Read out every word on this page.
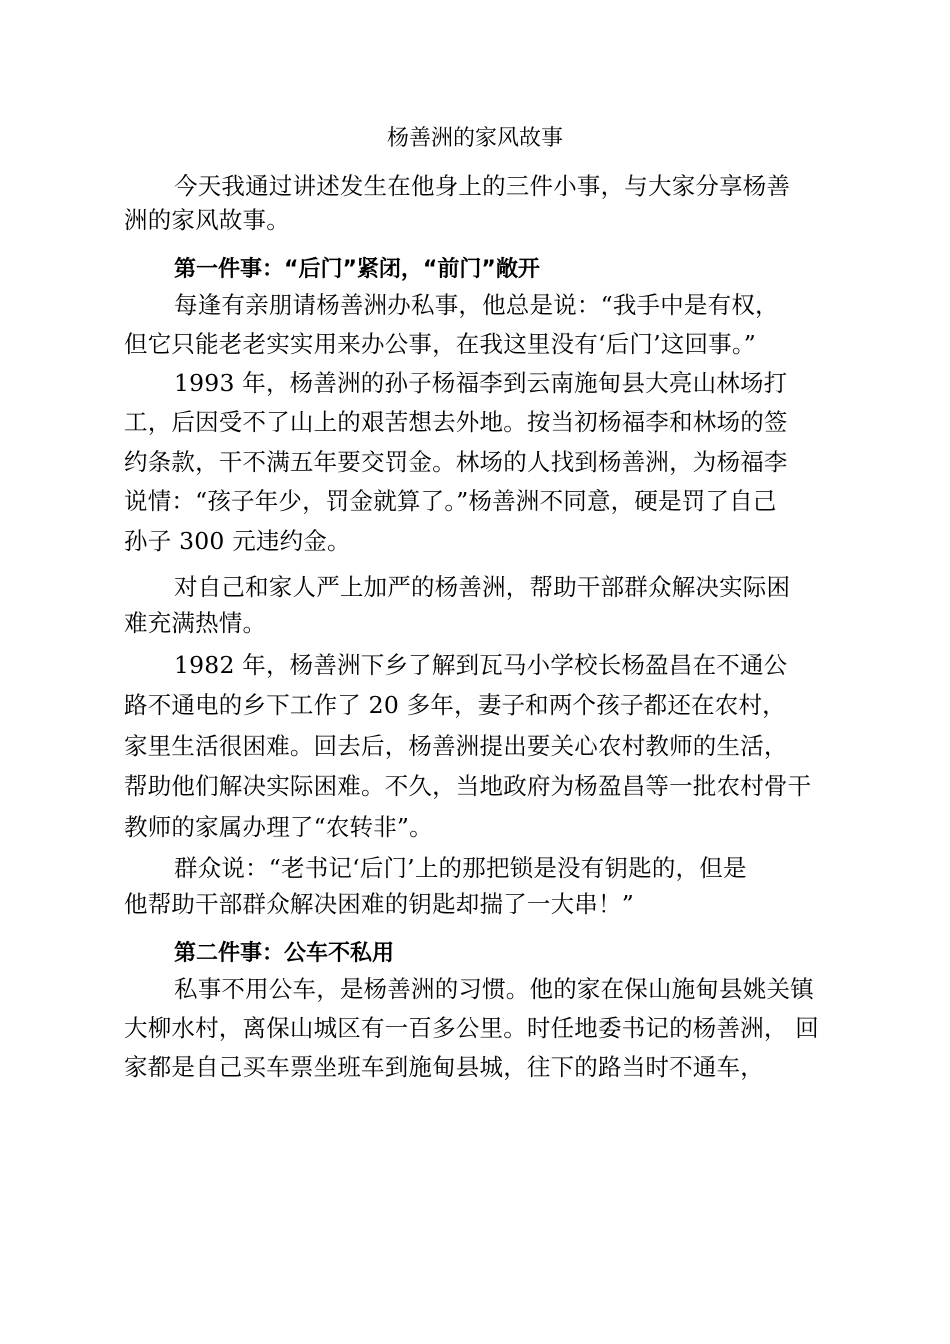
杨善洲的家风故事
今天我通过讲述发生在他身上的三件小事，与大家分享杨善
洲的家风故事。
第一件事：“后门”紧闭，“前门”敞开
每逢有亲朋请杨善洲办私事，他总是说：“我手中是有权，
但它只能老老实实用来办公事，在我这里没有‘后门’这回事。”
1993 年，杨善洲的孙子杨福李到云南施甸县大亮山林场打
工，后因受不了山上的艰苦想去外地。按当初杨福李和林场的签
约条款，干不满五年要交罚金。林场的人找到杨善洲，为杨福李
说情：“孩子年少，罚金就算了。”杨善洲不同意，硬是罚了自己
孙子 300 元违约金。
对自己和家人严上加严的杨善洲，帮助干部群众解决实际困
难充满热情。
1982 年，杨善洲下乡了解到瓦马小学校长杨盈昌在不通公
路不通电的乡下工作了 20 多年，妻子和两个孩子都还在农村，
家里生活很困难。回去后，杨善洲提出要关心农村教师的生活，
帮助他们解决实际困难。不久，当地政府为杨盈昌等一批农村骨干
教师的家属办理了“农转非”。
群众说：“老书记‘后门’上的那把锁是没有钥匙的，但是
他帮助干部群众解决困难的钥匙却揣了一大串！”
第二件事：公车不私用
私事不用公车，是杨善洲的习惯。他的家在保山施甸县姚关镇
大柳水村，离保山城区有一百多公里。时任地委书记的杨善洲， 回
家都是自己买车票坐班车到施甸县城，往下的路当时不通车，
